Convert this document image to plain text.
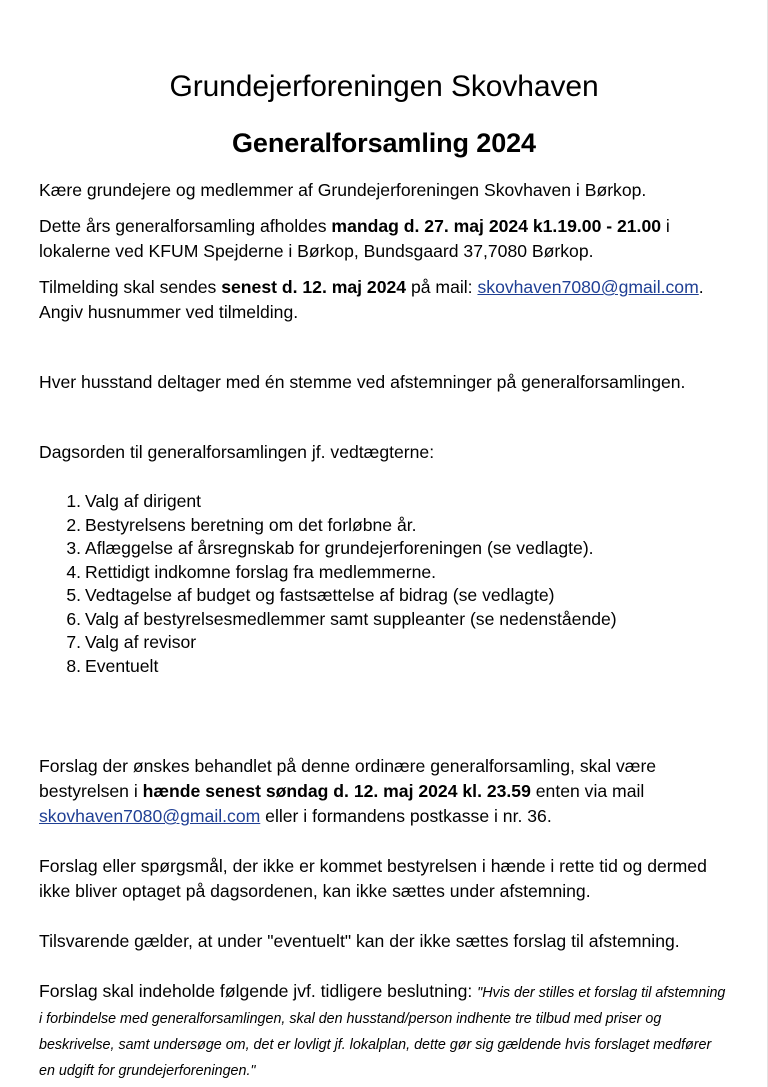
Grundejerforeningen Skovhaven
Generalforsamling 2024

Kære grundejere og medlemmer af Grundejerforeningen Skovhaven i Børkop.

Dette års generalforsamling afholdes mandag d. 27. maj 2024 k1.19.00 - 21.00 i lokalerne ved KFUM Spejderne i Børkop, Bundsgaard 37,7080 Børkop.

Tilmelding skal sendes senest d. 12. maj 2024 på mail: skovhaven7080@gmail.com. Angiv husnummer ved tilmelding.

Hver husstand deltager med én stemme ved afstemninger på generalforsamlingen.

Dagsorden til generalforsamlingen jf. vedtægterne:

Valg af dirigent
Bestyrelsens beretning om det forløbne år.
Aflæggelse af årsregnskab for grundejerforeningen (se vedlagte).
Rettidigt indkomne forslag fra medlemmerne.
Vedtagelse af budget og fastsættelse af bidrag (se vedlagte)
Valg af bestyrelsesmedlemmer samt suppleanter (se nedenstående)
Valg af revisor
Eventuelt

Forslag der ønskes behandlet på denne ordinære generalforsamling, skal være bestyrelsen i hænde senest søndag d. 12. maj 2024 kl. 23.59 enten via mail skovhaven7080@gmail.com eller i formandens postkasse i nr. 36.

Forslag eller spørgsmål, der ikke er kommet bestyrelsen i hænde i rette tid og dermed ikke bliver optaget på dagsordenen, kan ikke sættes under afstemning.

Tilsvarende gælder, at under "eventuelt" kan der ikke sættes forslag til afstemning.

Forslag skal indeholde følgende jvf. tidligere beslutning: "Hvis der stilles et forslag til afstemning i forbindelse med generalforsamlingen, skal den husstand/person indhente tre tilbud med priser og beskrivelse, samt undersøge om, det er lovligt jf. lokalplan, dette gør sig gældende hvis forslaget medfører en udgift for grundejerforeningen."
